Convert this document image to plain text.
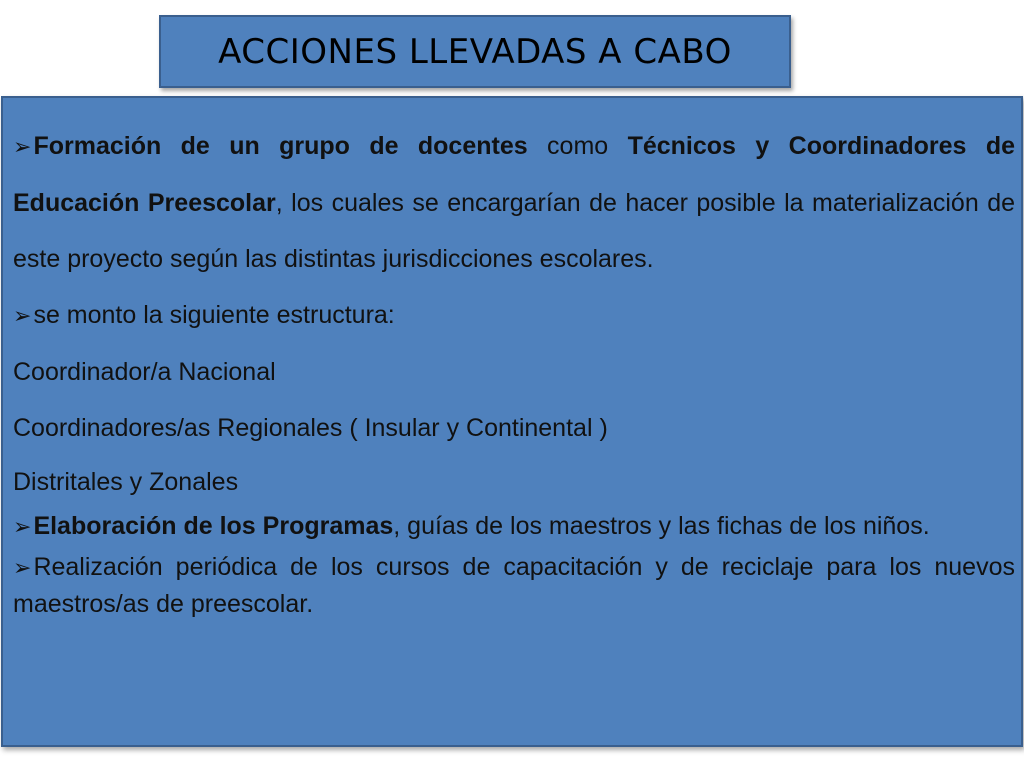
ACCIONES LLEVADAS A CABO

➢Formación de un grupo de docentes como Técnicos y Coordinadores de Educación Preescolar, los cuales se encargarían de hacer posible la materialización de este proyecto según las distintas jurisdicciones escolares.

➢se monto la siguiente estructura:

Coordinador/a Nacional

Coordinadores/as Regionales ( Insular y Continental )

Distritales y Zonales

➢Elaboración de los Programas, guías de los maestros y las fichas de los niños.

➢Realización periódica de los cursos de capacitación y de reciclaje para los nuevos maestros/as de preescolar.
